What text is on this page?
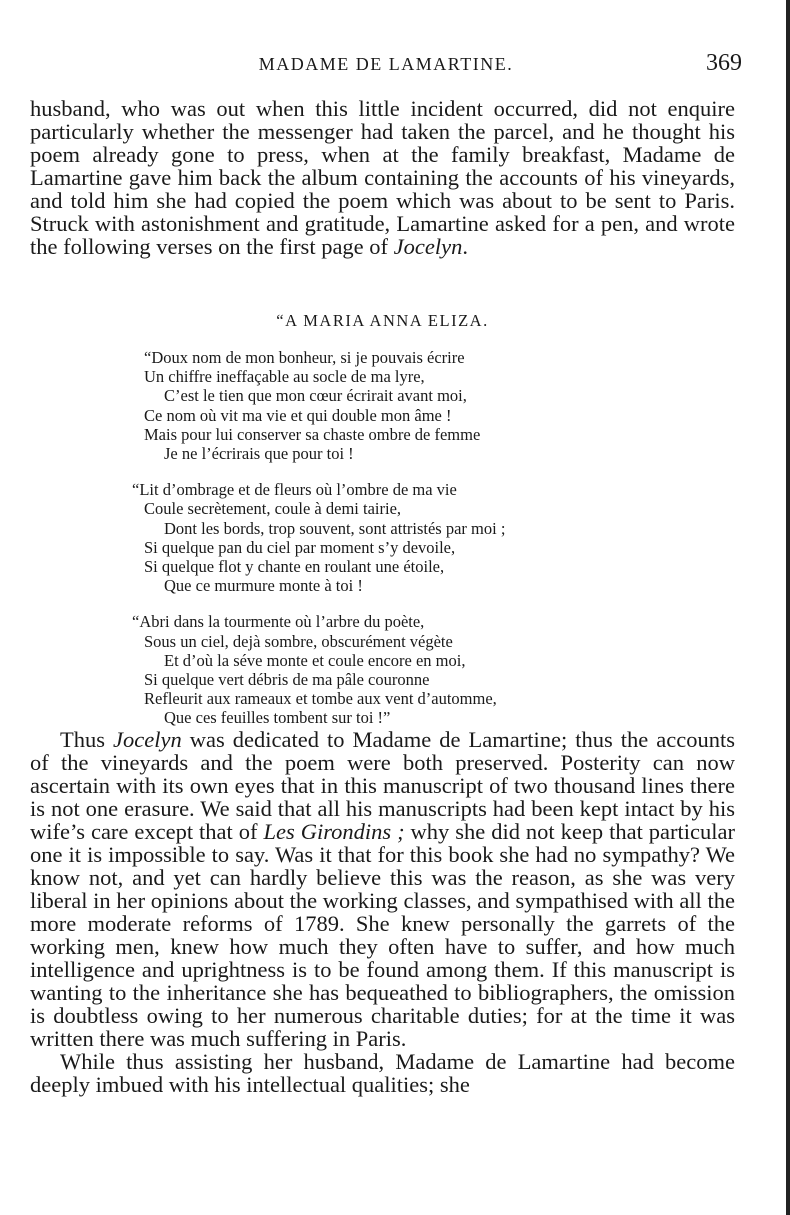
MADAME DE LAMARTINE.	369

husband, who was out when this little incident occurred, did not enquire particularly whether the messenger had taken the parcel, and he thought his poem already gone to press, when at the family breakfast, Madame de Lamartine gave him back the album containing the accounts of his vineyards, and told him she had copied the poem which was about to be sent to Paris. Struck with astonishment and gratitude, Lamartine asked for a pen, and wrote the following verses on the first page of Jocelyn.

“A MARIA ANNA ELIZA.
“Doux nom de mon bonheur, si je pouvais écrire
Un chiffre ineffaçable au socle de ma lyre,
C’est le tien que mon cœur écrirait avant moi,
Ce nom où vit ma vie et qui double mon âme !
Mais pour lui conserver sa chaste ombre de femme
Je ne l’écrirais que pour toi !
“Lit d’ombrage et de fleurs où l’ombre de ma vie
Coule secrètement, coule à demi tairie,
Dont les bords, trop souvent, sont attristés par moi ;
Si quelque pan du ciel par moment s’y devoile,
Si quelque flot y chante en roulant une étoile,
Que ce murmure monte à toi !
“Abri dans la tourmente où l’arbre du poète,
Sous un ciel, dejà sombre, obscurément végète
Et d’où la séve monte et coule encore en moi,
Si quelque vert débris de ma pâle couronne
Refleurit aux rameaux et tombe aux vent d’automme,
Que ces feuilles tombent sur toi !”

Thus Jocelyn was dedicated to Madame de Lamartine; thus the accounts of the vineyards and the poem were both preserved. Posterity can now ascertain with its own eyes that in this manuscript of two thousand lines there is not one erasure. We said that all his manuscripts had been kept intact by his wife’s care except that of Les Girondins ; why she did not keep that particular one it is impossible to say. Was it that for this book she had no sympathy? We know not, and yet can hardly believe this was the reason, as she was very liberal in her opinions about the working classes, and sympathised with all the more moderate reforms of 1789. She knew personally the garrets of the working men, knew how much they often have to suffer, and how much intelligence and uprightness is to be found among them. If this manuscript is wanting to the inheritance she has bequeathed to bibliographers, the omission is doubtless owing to her numerous charitable duties; for at the time it was written there was much suffering in Paris.

While thus assisting her husband, Madame de Lamartine had become deeply imbued with his intellectual qualities; she
